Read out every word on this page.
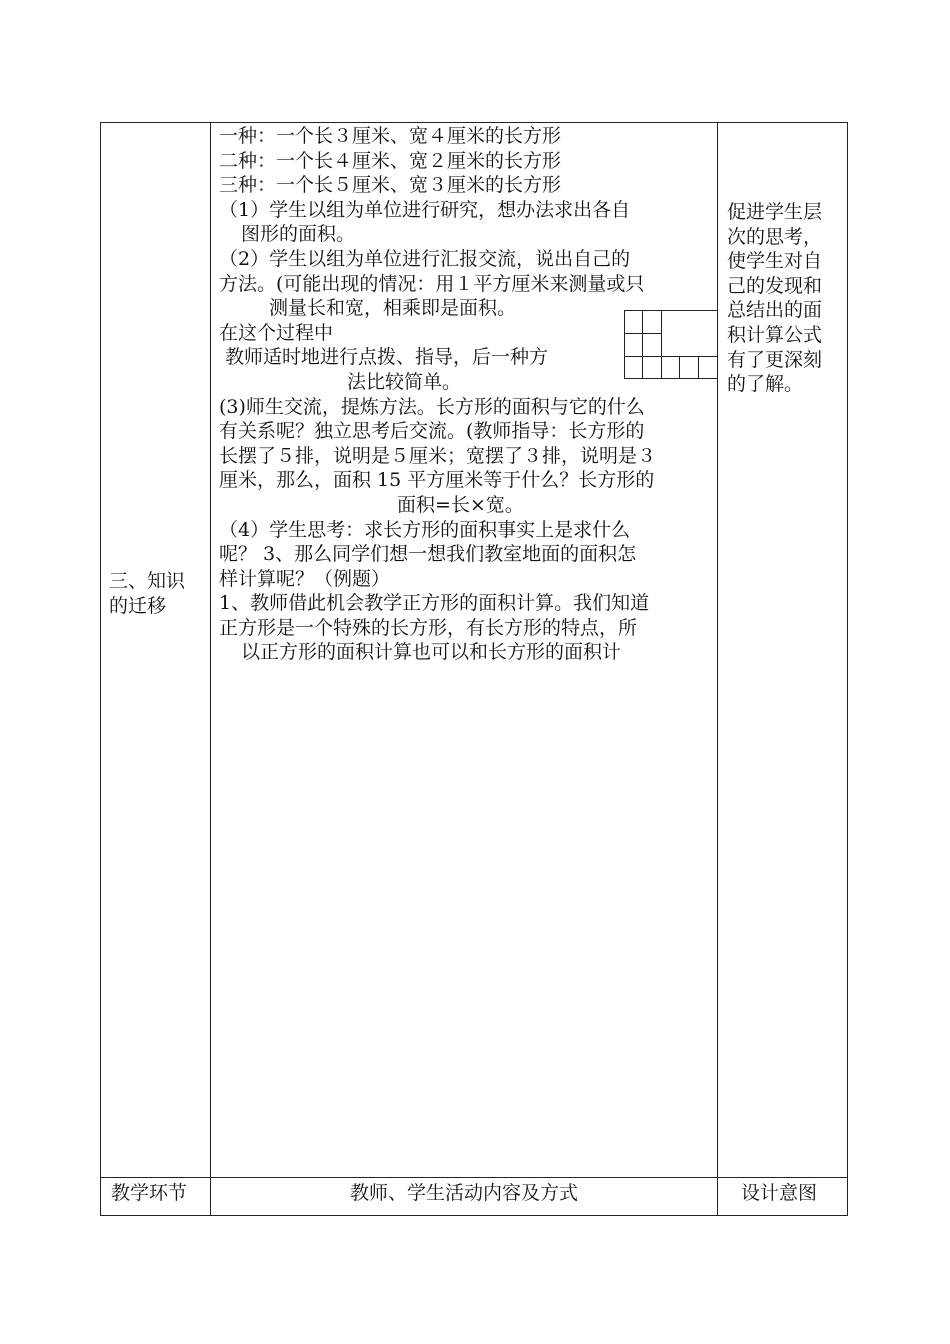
三、知识
的迁移
一种：一个长３厘米、宽４厘米的长方形
二种：一个长４厘米、宽２厘米的长方形
三种：一个长５厘米、宽３厘米的长方形
（1）学生以组为单位进行研究，想办法求出各自
图形的面积。
（2）学生以组为单位进行汇报交流，说出自己的
方法。(可能出现的情况：用１平方厘米来测量或只
测量长和宽，相乘即是面积。
在这个过程中
教师适时地进行点拨、指导，后一种方
法比较简单。
(3)师生交流，提炼方法。长方形的面积与它的什么
有关系呢？独立思考后交流。(教师指导：长方形的
长摆了５排，说明是５厘米；宽摆了３排，说明是３
厘米，那么，面积 15 平方厘米等于什么？长方形的
面积=长×宽。
（4）学生思考：求长方形的面积事实上是求什么
呢？ 3、那么同学们想一想我们教室地面的面积怎
样计算呢？（例题）
1、教师借此机会教学正方形的面积计算。我们知道
正方形是一个特殊的长方形，有长方形的特点，所
以正方形的面积计算也可以和长方形的面积计
促进学生层
次的思考，
使学生对自
己的发现和
总结出的面
积计算公式
有了更深刻
的了解。
教学环节	教师、学生活动内容及方式	设计意图
